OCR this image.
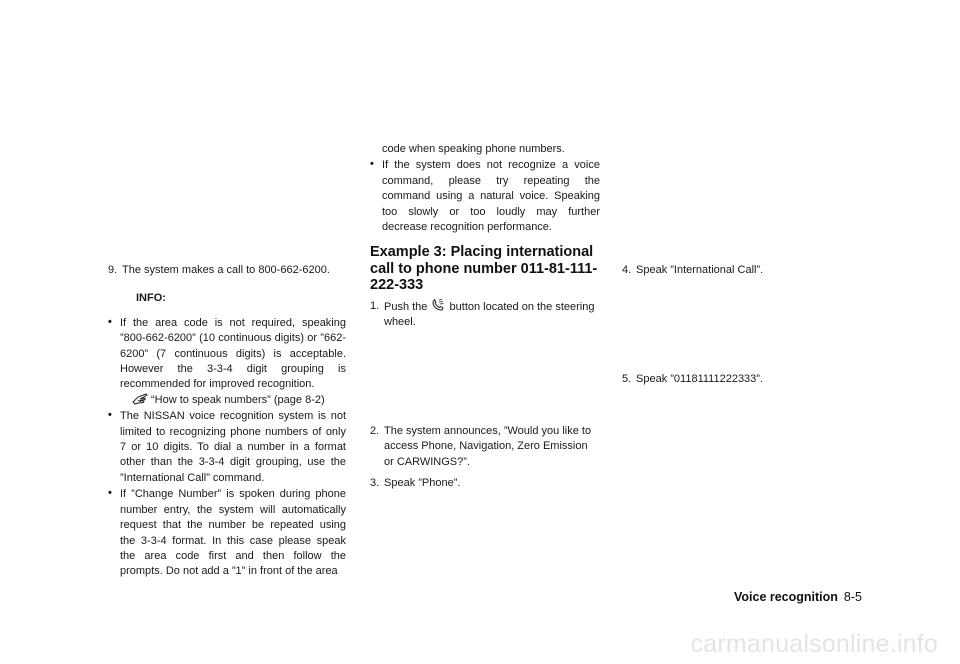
9. The system makes a call to 800-662-6200.

INFO:

• If the area code is not required, speaking ”800-662-6200” (10 continuous digits) or ”662-6200” (7 continuous digits) is acceptable. However the 3-3-4 digit grouping is recommended for improved recognition.
“How to speak numbers” (page 8-2)

• The NISSAN voice recognition system is not limited to recognizing phone numbers of only 7 or 10 digits. To dial a number in a format other than the 3-3-4 digit grouping, use the ”International Call” command.

• If ”Change Number” is spoken during phone number entry, the system will automatically request that the number be repeated using the 3-3-4 format. In this case please speak the area code first and then follow the prompts. Do not add a ”1” in front of the area

code when speaking phone numbers.

• If the system does not recognize a voice command, please try repeating the command using a natural voice. Speaking too slowly or too loudly may further decrease recognition performance.

Example 3: Placing international call to phone number 011-81-111-222-333

1. Push the button located on the steering wheel.

2. The system announces, ”Would you like to access Phone, Navigation, Zero Emission or CARWINGS?”.

3. Speak ”Phone”.

4. Speak ”International Call”.

5. Speak ”01181111222333”.

Voice recognition 8-5
carmanualsonline.info
